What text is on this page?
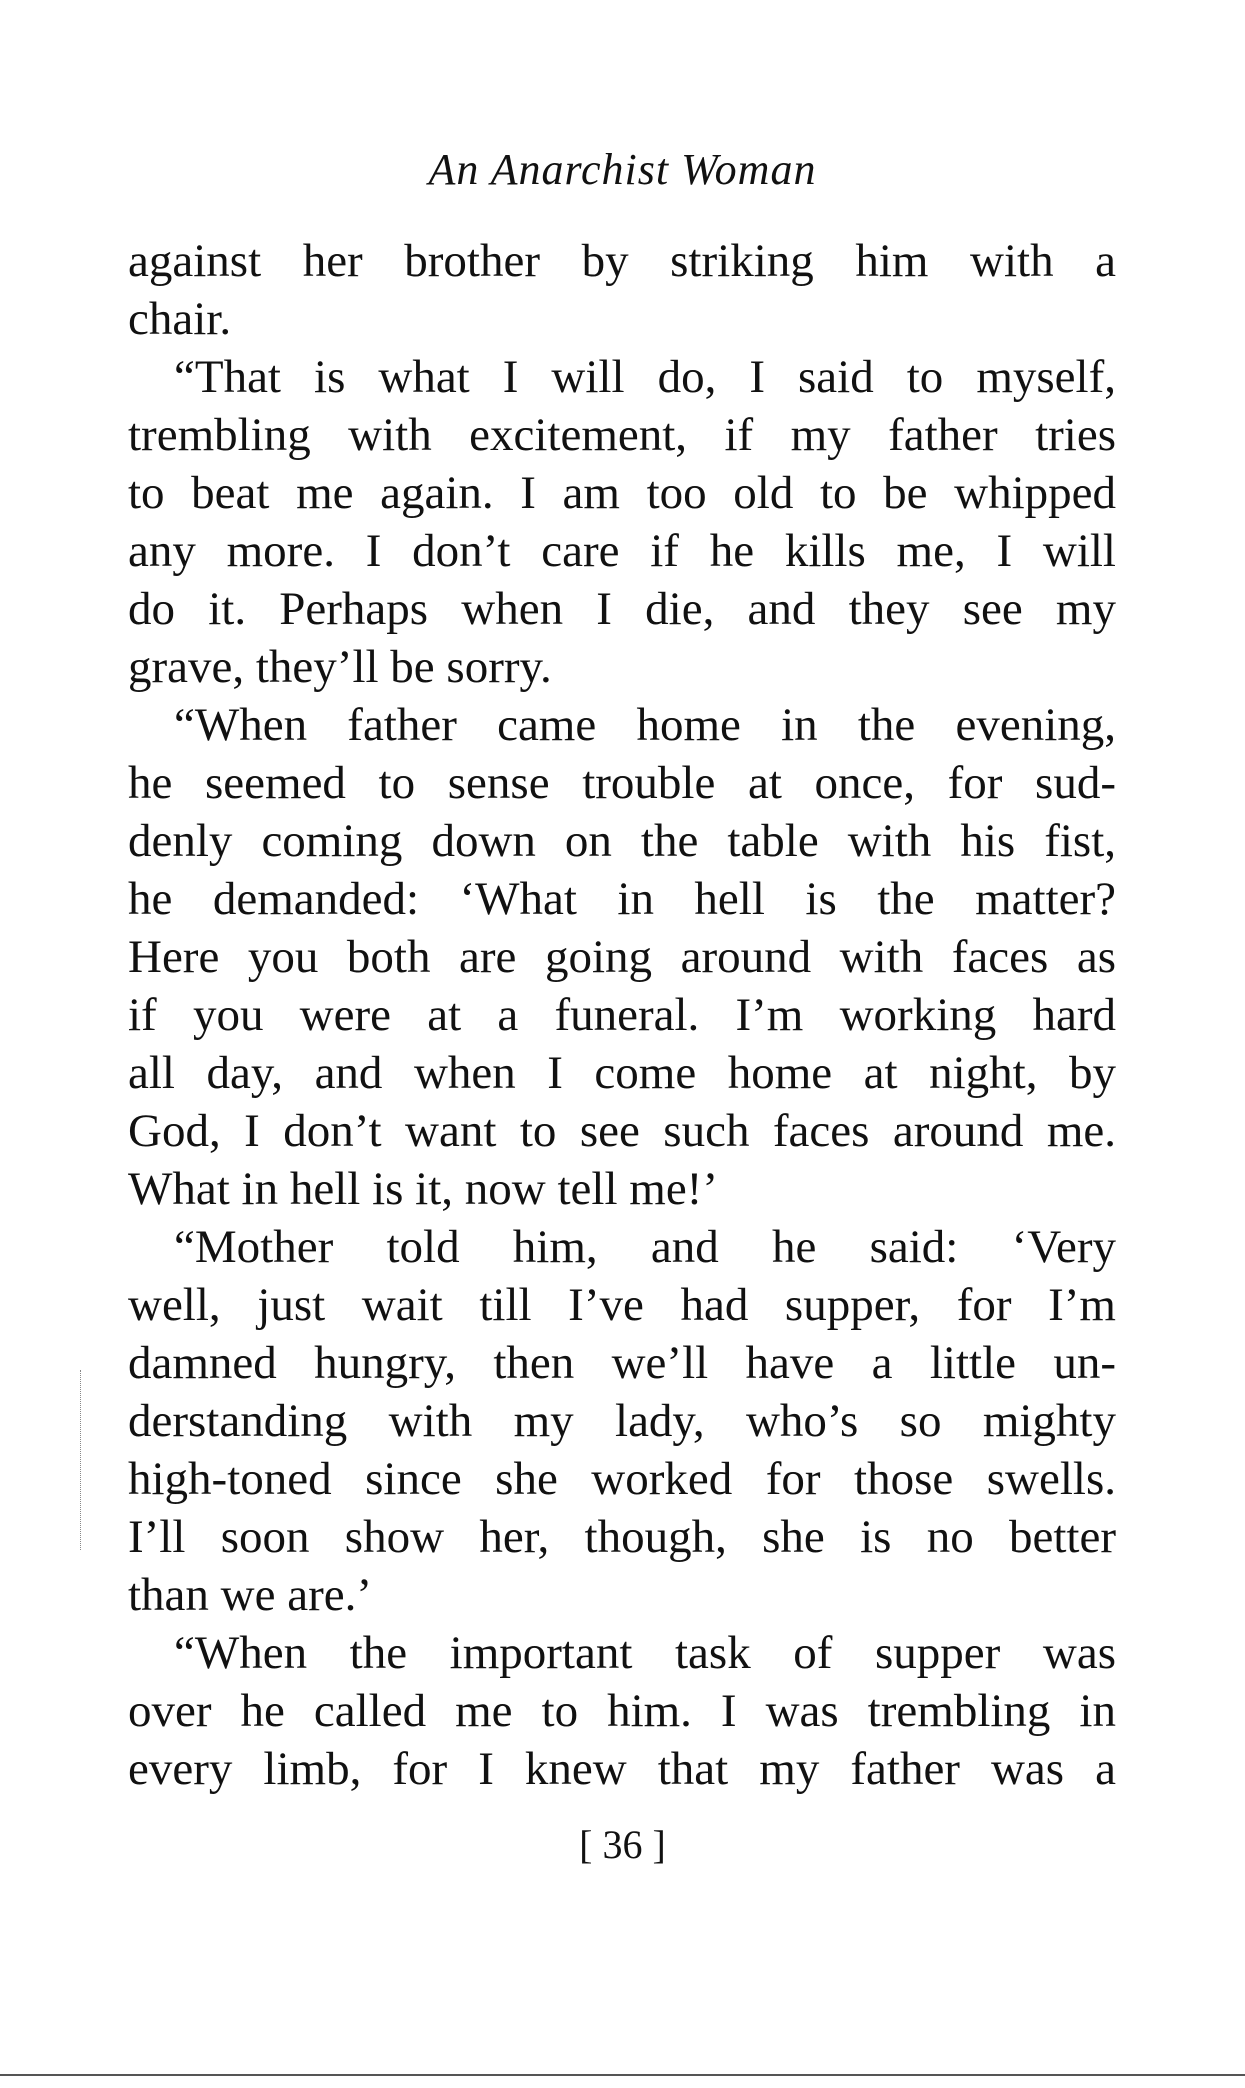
An Anarchist Woman
against her brother by striking him with a
chair.
“That is what I will do, I said to myself,
trembling with excitement, if my father tries
to beat me again. I am too old to be whipped
any more. I don’t care if he kills me, I will
do it. Perhaps when I die, and they see my
grave, they’ll be sorry.
“When father came home in the evening,
he seemed to sense trouble at once, for sud-
denly coming down on the table with his fist,
he demanded: ‘What in hell is the matter?
Here you both are going around with faces as
if you were at a funeral. I’m working hard
all day, and when I come home at night, by
God, I don’t want to see such faces around me.
What in hell is it, now tell me!’
“Mother told him, and he said: ‘Very
well, just wait till I’ve had supper, for I’m
damned hungry, then we’ll have a little un-
derstanding with my lady, who’s so mighty
high-toned since she worked for those swells.
I’ll soon show her, though, she is no better
than we are.’
“When the important task of supper was
over he called me to him. I was trembling in
every limb, for I knew that my father was a
[ 36 ]
